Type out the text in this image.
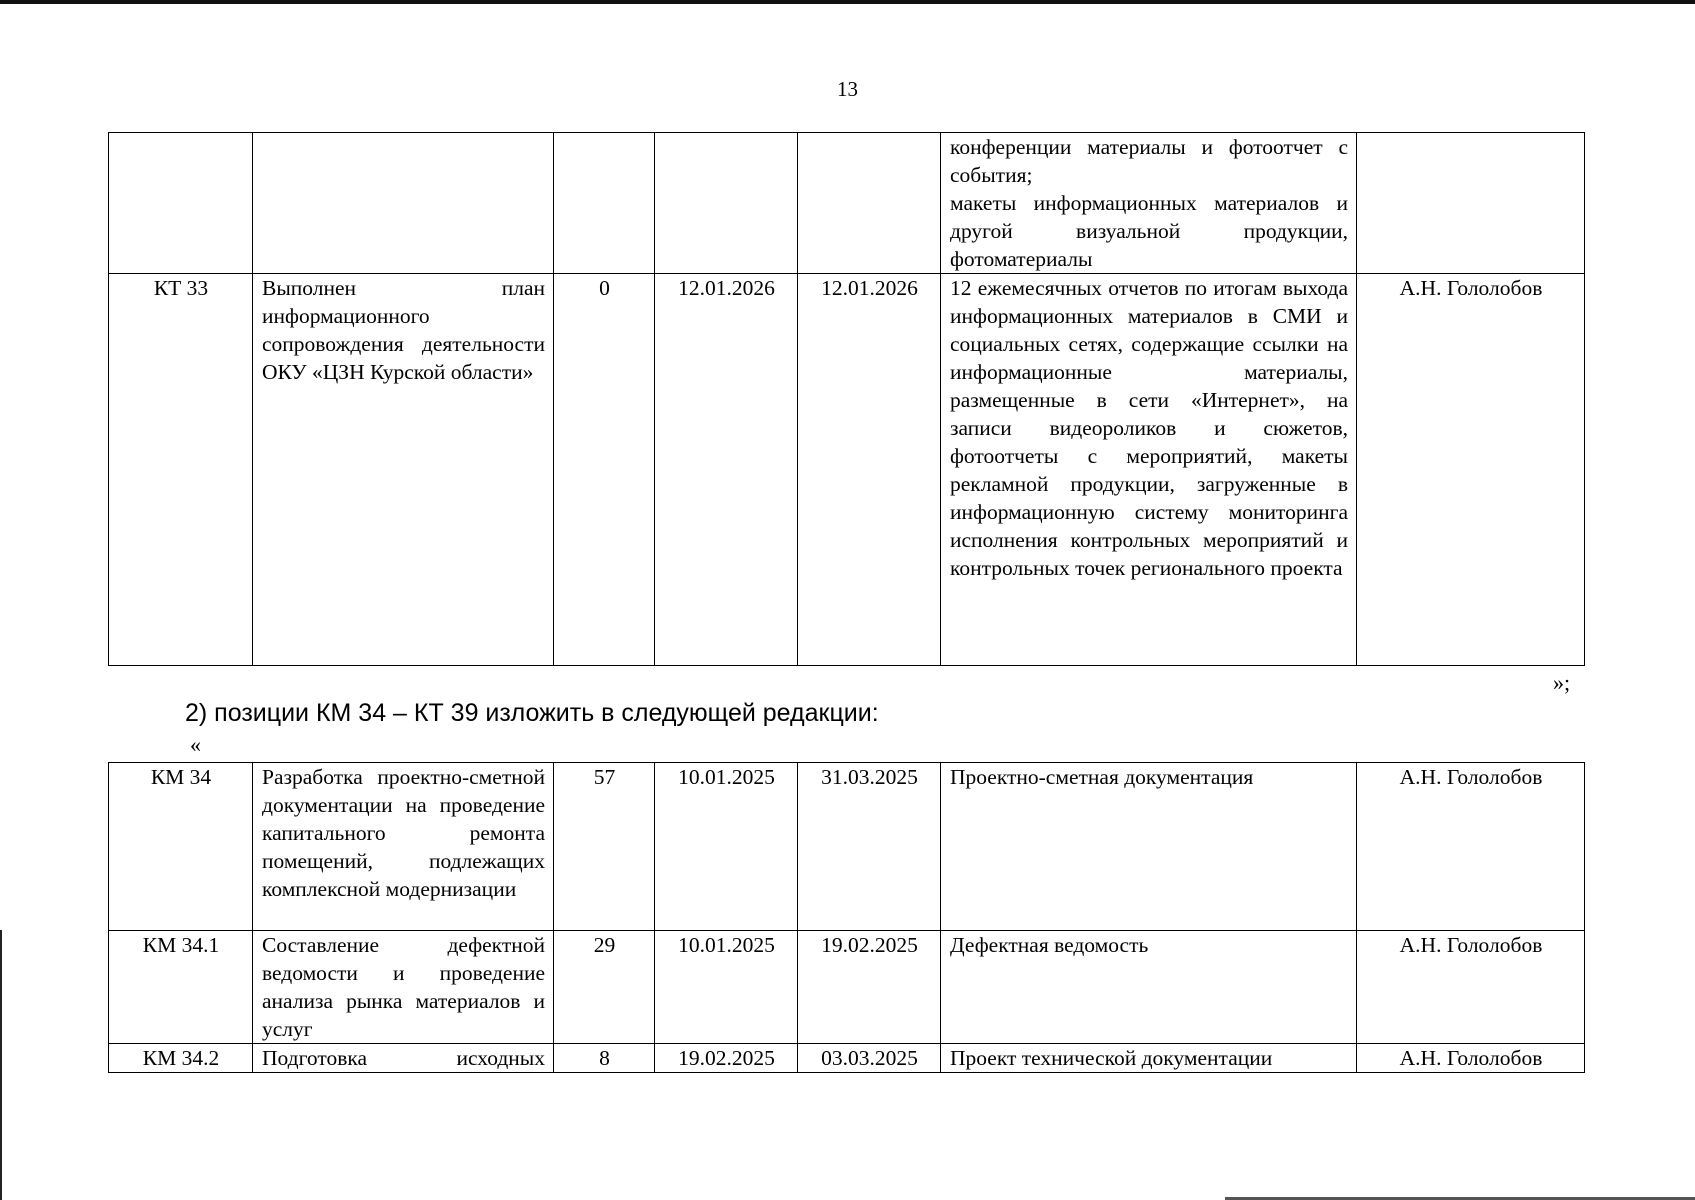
13
					конференции материалы и фотоотчет с события;
макеты информационных материалов и другой визуальной продукции, фотоматериалы	
КТ 33	Выполнен план информационного сопровождения деятельности ОКУ «ЦЗН Курской области»	0	12.01.2026	12.01.2026	12 ежемесячных отчетов по итогам выхода информационных материалов в СМИ и социальных сетях, содержащие ссылки на информационные материалы, размещенные в сети «Интернет», на записи видеороликов и сюжетов, фотоотчеты с мероприятий, макеты рекламной продукции, загруженные в информационную систему мониторинга исполнения контрольных мероприятий и контрольных точек регионального проекта	А.Н. Гололобов
»;
2) позиции КМ 34 – КТ 39 изложить в следующей редакции:
«
КМ 34	Разработка проектно-сметной документации на проведение капитального ремонта помещений, подлежащих комплексной модернизации	57	10.01.2025	31.03.2025	Проектно-сметная документация	А.Н. Гололобов
КМ 34.1	Составление дефектной ведомости и проведение анализа рынка материалов и услуг	29	10.01.2025	19.02.2025	Дефектная ведомость	А.Н. Гололобов
КМ 34.2	Подготовка исходных	8	19.02.2025	03.03.2025	Проект технической документации	А.Н. Гололобов
